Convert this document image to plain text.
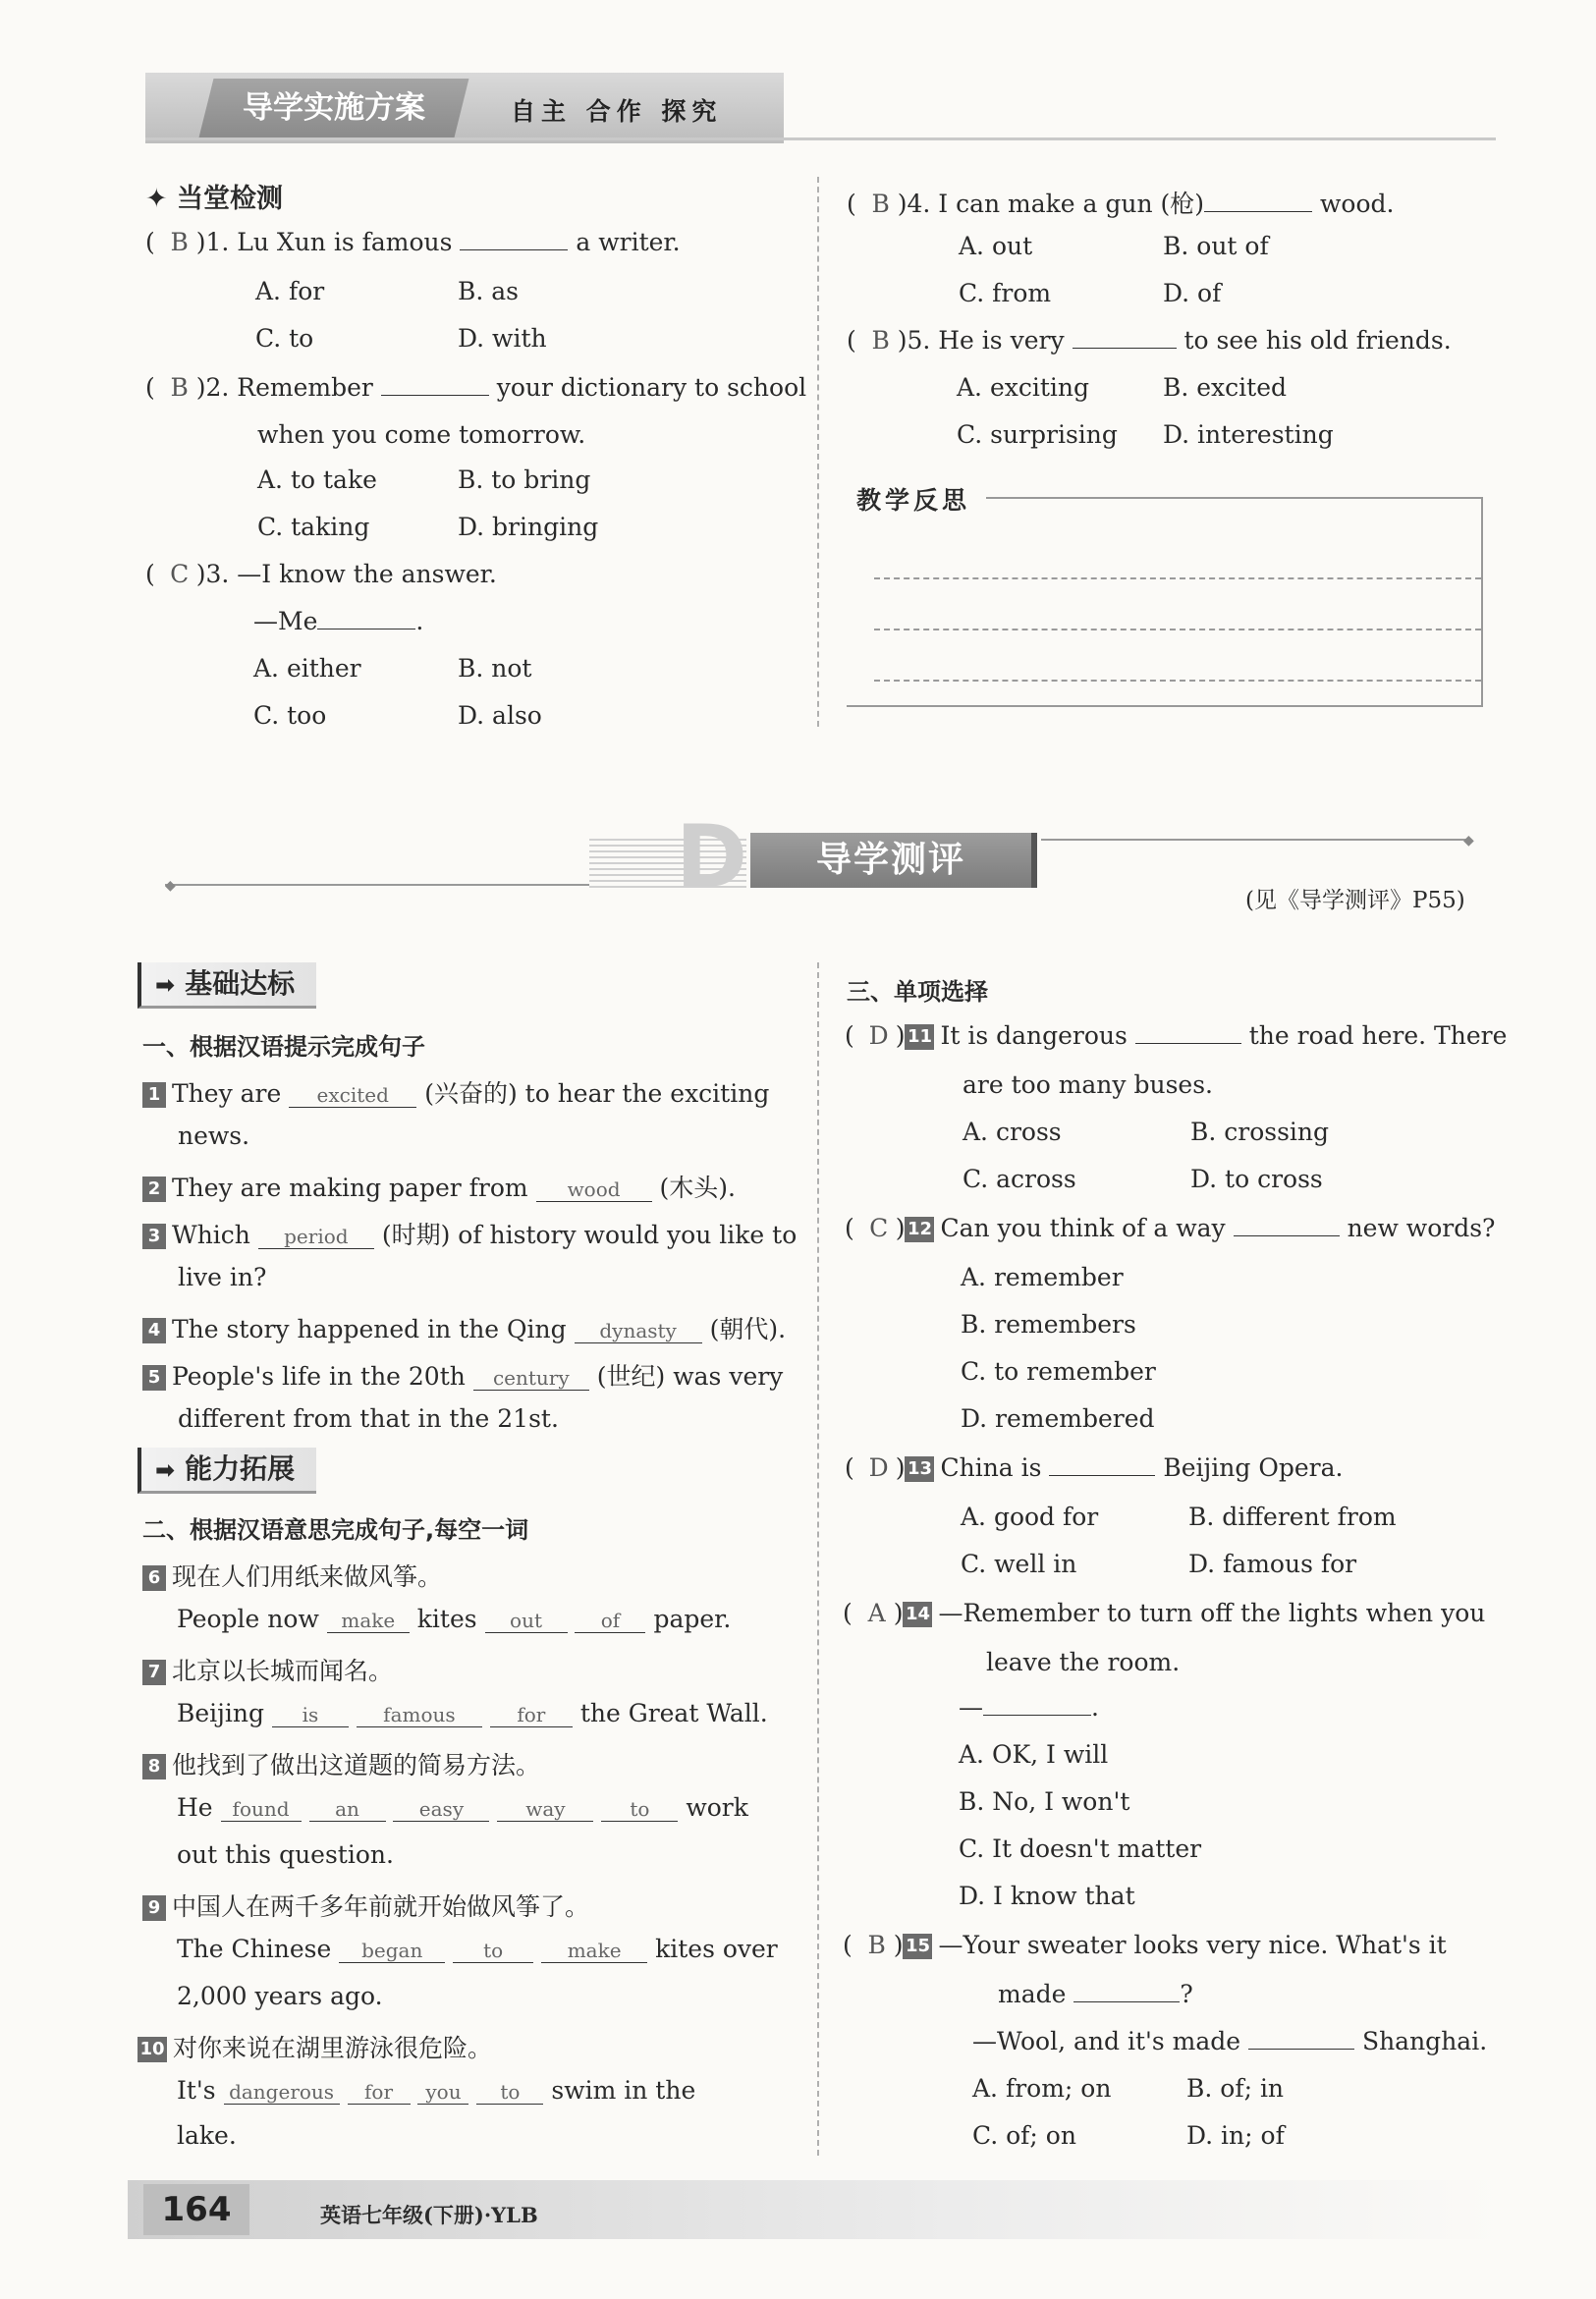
导学实施方案	自主 合作 探究
✦ 当堂检测
( B )1. Lu Xun is famous	a writer.
A. for	B. as
C. to	D. with
( B )2. Remember	your dictionary to school
when you come tomorrow.
A. to take	B. to bring
C. taking	D. bringing
( C )3. —I know the answer.
—Me	.
A. either	B. not
C. too	D. also
( B )4. I can make a gun (枪)	wood.
A. out	B. out of
C. from	D. of
( B )5. He is very	to see his old friends.
A. exciting	B. excited
C. surprising D. interesting
教学反思
◆
◆
D	导学测评
(见《导学测评》P55)
➡ 基础达标
一、根据汉语提示完成句子
1 They are excited (兴奋的) to hear the exciting
news.
2 They are making paper from wood (木头).
3 Which period (时期) of history would you like to
live in?
4 The story happened in the Qing dynasty (朝代).
5 People's life in the 20th century (世纪) was very
different from that in the 21st.
➡ 能力拓展
二、根据汉语意思完成句子,每空一词
6 现在人们用纸来做风筝。
People now make kites out	of paper.
7 北京以长城而闻名。
Beijing is	famous	for the Great Wall.
8 他找到了做出这道题的简易方法。
He found an	easy	way	to work
out this question.
9 中国人在两千多年前就开始做风筝了。
The Chinese began	to	make kites over
2,000 years ago.
10 对你来说在湖里游泳很危险。
It's dangerous for you to swim in the
lake.
三、单项选择
( D ) 11 It is dangerous	the road here. There
are too many buses.
A. cross	B. crossing
C. across	D. to cross
( C ) 12 Can you think of a way	new words?
A. remember
B. remembers
C. to remember
D. remembered
( D ) 13 China is	Beijing Opera.
A. good for	B. different from
C. well in	D. famous for
( A ) 14 —Remember to turn off the lights when you
leave the room.
—	.
A. OK, I will
B. No, I won't
C. It doesn't matter
D. I know that
( B ) 15 —Your sweater looks very nice. What's it
made	?
—Wool, and it's made	Shanghai.
A. from; on	B. of; in
C. of; on	D. in; of
164	英语七年级(下册)·YLB
